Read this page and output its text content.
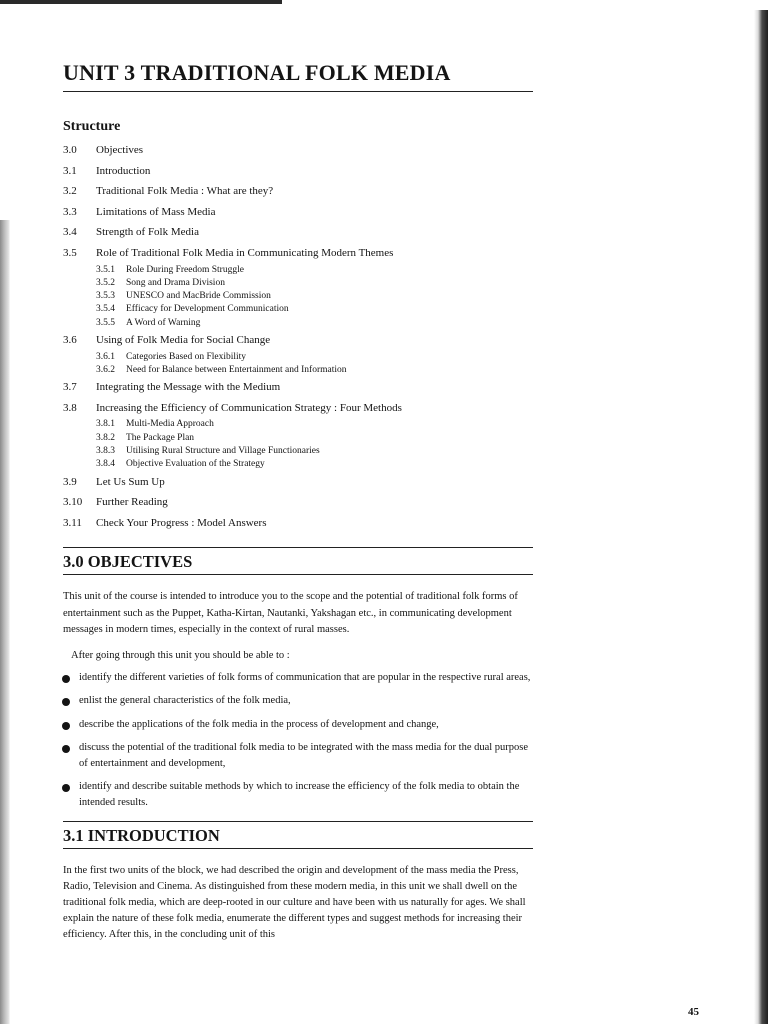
UNIT 3 TRADITIONAL FOLK MEDIA
Structure
3.0	Objectives
3.1	Introduction
3.2	Traditional Folk Media : What are they?
3.3	Limitations of Mass Media
3.4	Strength of Folk Media
3.5	Role of Traditional Folk Media in Communicating Modern Themes
3.5.1	Role During Freedom Struggle
3.5.2	Song and Drama Division
3.5.3	UNESCO and MacBride Commission
3.5.4	Efficacy for Development Communication
3.5.5	A Word of Warning
3.6	Using of Folk Media for Social Change
3.6.1	Categories Based on Flexibility
3.6.2	Need for Balance between Entertainment and Information
3.7	Integrating the Message with the Medium
3.8	Increasing the Efficiency of Communication Strategy : Four Methods
3.8.1	Multi-Media Approach
3.8.2	The Package Plan
3.8.3	Utilising Rural Structure and Village Functionaries
3.8.4	Objective Evaluation of the Strategy
3.9	Let Us Sum Up
3.10	Further Reading
3.11	Check Your Progress : Model Answers
3.0 OBJECTIVES

This unit of the course is intended to introduce you to the scope and the potential of traditional folk forms of entertainment such as the Puppet, Katha-Kirtan, Nautanki, Yakshagan etc., in communicating development messages in modern times, especially in the context of rural masses.

After going through this unit you should be able to :

identify the different varieties of folk forms of communication that are popular in the respective rural areas,
enlist the general characteristics of the folk media,
describe the applications of the folk media in the process of development and change,
discuss the potential of the traditional folk media to be integrated with the mass media for the dual purpose of entertainment and development,
identify and describe suitable methods by which to increase the efficiency of the folk media to obtain the intended results.
3.1 INTRODUCTION

In the first two units of the block, we had described the origin and development of the mass media the Press, Radio, Television and Cinema. As distinguished from these modern media, in this unit we shall dwell on the traditional folk media, which are deep-rooted in our culture and have been with us naturally for ages. We shall explain the nature of these folk media, enumerate the different types and suggest methods for increasing their efficiency. After this, in the concluding unit of this

45
